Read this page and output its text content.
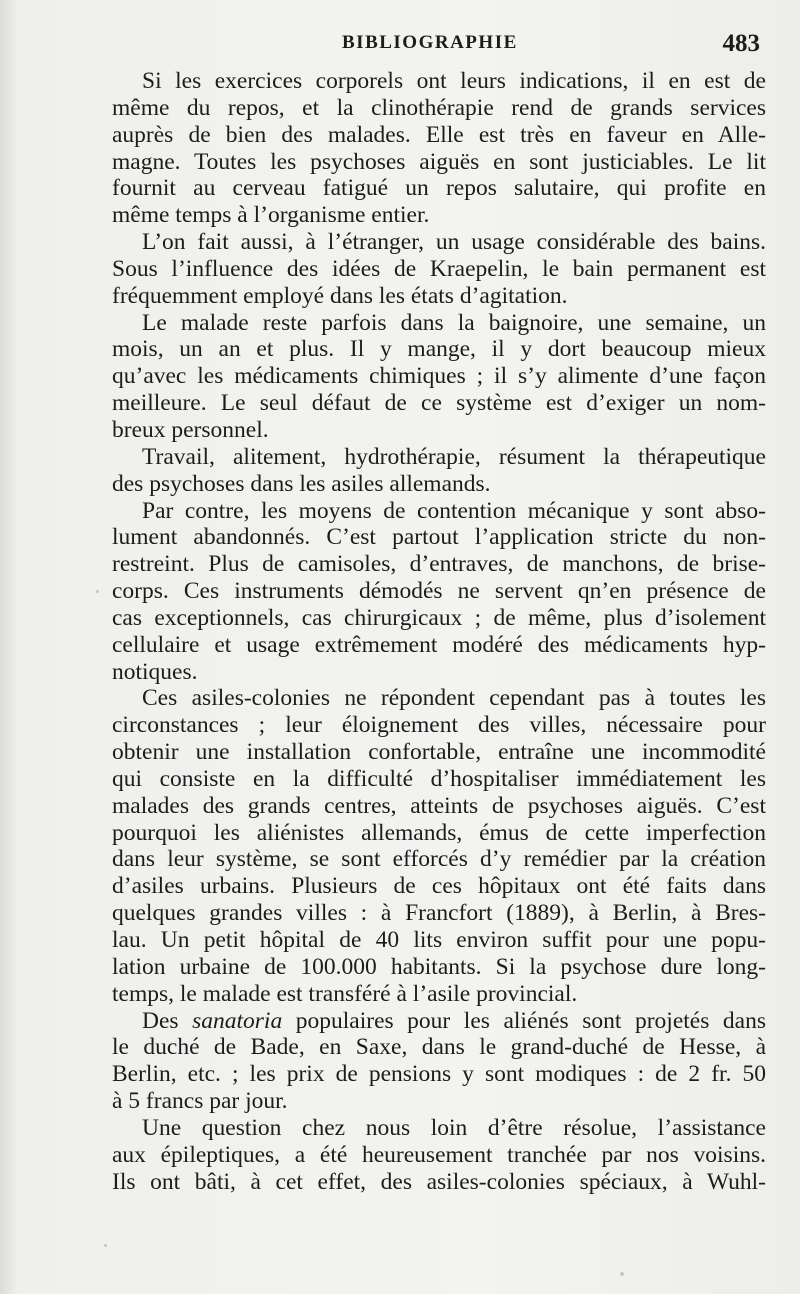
BIBLIOGRAPHIE	483
Si les exercices corporels ont leurs indications, il en est de
même du repos, et la clinothérapie rend de grands services
auprès de bien des malades. Elle est très en faveur en Alle-
magne. Toutes les psychoses aiguës en sont justiciables. Le lit
fournit au cerveau fatigué un repos salutaire, qui profite en
même temps à l’organisme entier.
L’on fait aussi, à l’étranger, un usage considérable des bains.
Sous l’influence des idées de Kraepelin, le bain permanent est
fréquemment employé dans les états d’agitation.
Le malade reste parfois dans la baignoire, une semaine, un
mois, un an et plus. Il y mange, il y dort beaucoup mieux
qu’avec les médicaments chimiques ; il s’y alimente d’une façon
meilleure. Le seul défaut de ce système est d’exiger un nom-
breux personnel.
Travail, alitement, hydrothérapie, résument la thérapeutique
des psychoses dans les asiles allemands.
Par contre, les moyens de contention mécanique y sont abso-
lument abandonnés. C’est partout l’application stricte du non-
restreint. Plus de camisoles, d’entraves, de manchons, de brise-
corps. Ces instruments démodés ne servent qn’en présence de
cas exceptionnels, cas chirurgicaux ; de même, plus d’isolement
cellulaire et usage extrêmement modéré des médicaments hyp-
notiques.
Ces asiles-colonies ne répondent cependant pas à toutes les
circonstances ; leur éloignement des villes, nécessaire pour
obtenir une installation confortable, entraîne une incommodité
qui consiste en la difficulté d’hospitaliser immédiatement les
malades des grands centres, atteints de psychoses aiguës. C’est
pourquoi les aliénistes allemands, émus de cette imperfection
dans leur système, se sont efforcés d’y remédier par la création
d’asiles urbains. Plusieurs de ces hôpitaux ont été faits dans
quelques grandes villes : à Francfort (1889), à Berlin, à Bres-
lau. Un petit hôpital de 40 lits environ suffit pour une popu-
lation urbaine de 100.000 habitants. Si la psychose dure long-
temps, le malade est transféré à l’asile provincial.
Des sanatoria populaires pour les aliénés sont projetés dans
le duché de Bade, en Saxe, dans le grand-duché de Hesse, à
Berlin, etc. ; les prix de pensions y sont modiques : de 2 fr. 50
à 5 francs par jour.
Une question chez nous loin d’être résolue, l’assistance
aux épileptiques, a été heureusement tranchée par nos voisins.
Ils ont bâti, à cet effet, des asiles-colonies spéciaux, à Wuhl-
